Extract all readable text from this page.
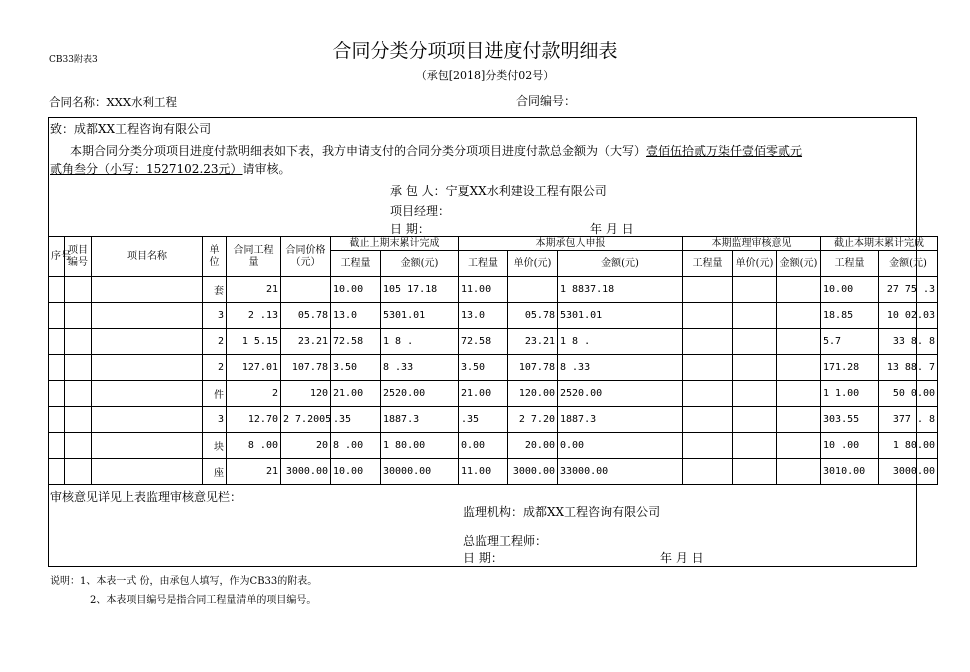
CB33附表3	合同分类分项项目进度付款明细表
（承包[2018]分类付02号）
合同名称：XXX水利工程	合同编号：
致：成都XX工程咨询有限公司
本期合同分类分项项目进度付款明细表如下表，我方申请支付的合同分类分项项目进度付款总金额为（大写）壹佰伍拾贰万柒仟壹佰零贰元
贰角叁分（小写：1527102.23元）请审核。
承 包 人：宁夏XX水利建设工程有限公司
项目经理：
日 期：	年 月 日
序号	项目编号	项目名称	单位	合同工程量	合同价格（元）	截止上期末累计完成		本期承包人申报			本期监理审核意见			截止本期末累计完成	
						工程量	金额(元)	工程量	单价(元)	金额(元)	工程量	单价(元)	金额(元)	工程量	金额(元)
			套	21		10.00	105 17.18	11.00		1 8837.18				10.00	27 75 .3
			3	2 .13	05.78	13.0	5301.01	13.0	05.78	5301.01				18.85	10 02.03
			2	1 5.15	23.21	72.58	1 8 .	72.58	23.21	1 8 .				5.7	33 8. 8
			2	127.01	107.78	3.50	8 .33	3.50	107.78	8 .33				171.28	13 88. 7
			件	2	120	21.00	2520.00	21.00	120.00	2520.00				1 1.00	50 0.00
			3	12.70	2 7.2005	.35	1887.3	.35	2 7.20	1887.3				303.55	377 . 8
			块	8 .00	20	8 .00	1 80.00	0.00	20.00	0.00				10 .00	1 80.00
			座	21	3000.00	10.00	30000.00	11.00	3000.00	33000.00				3010.00	3000.00
审核意见详见上表监理审核意见栏：
监理机构：成都XX工程咨询有限公司
总监理工程师：
日 期：	年 月 日
说明：1、本表一式 份，由承包人填写，作为CB33的附表。
2、本表项目编号是指合同工程量清单的项目编号。
